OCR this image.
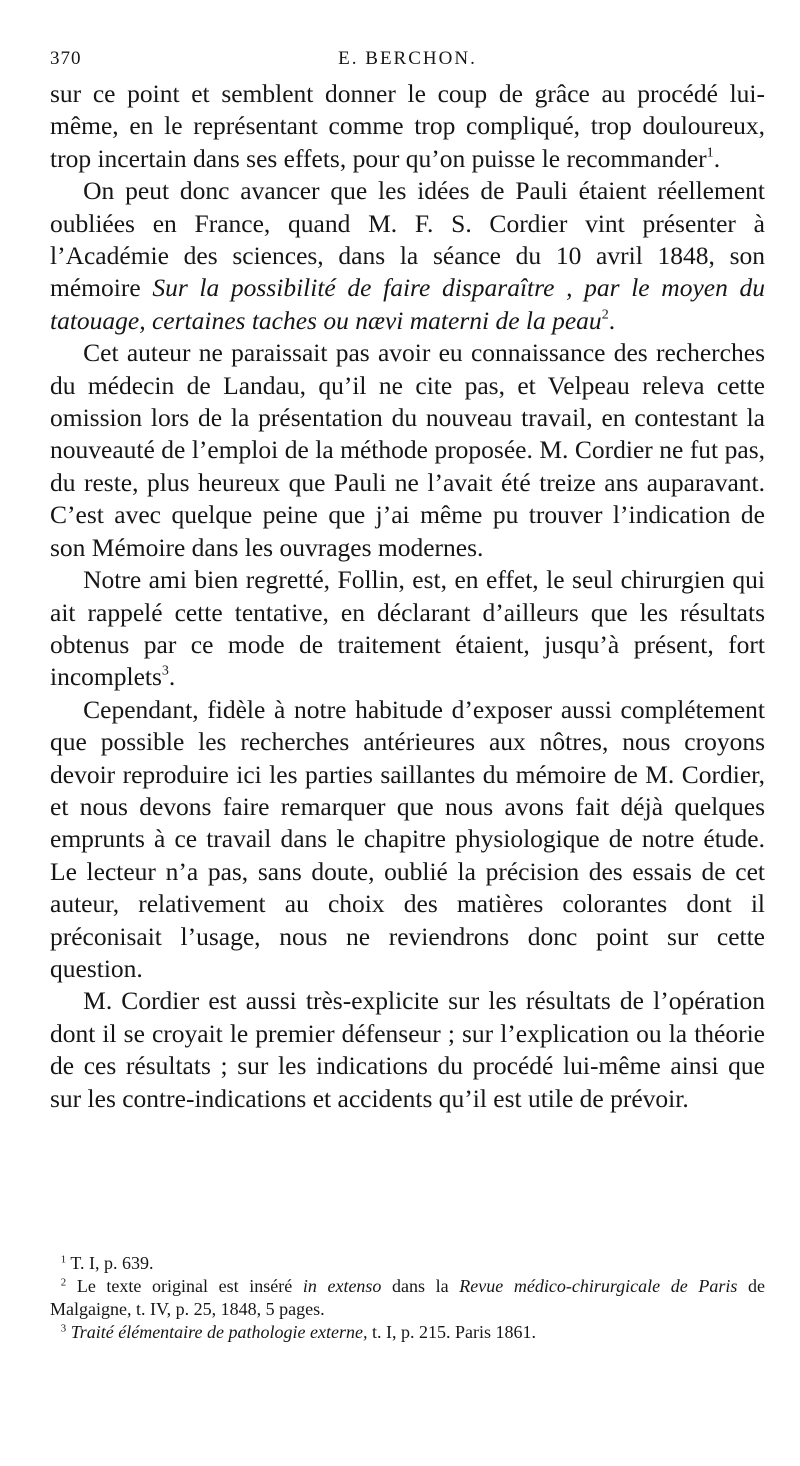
370	E. BERCHON.

sur ce point et semblent donner le coup de grâce au procédé lui-même, en le représentant comme trop compliqué, trop douloureux, trop incertain dans ses effets, pour qu’on puisse le recommander$^1$.

On peut donc avancer que les idées de Pauli étaient réellement oubliées en France, quand M. F. S. Cordier vint présenter à l’Académie des sciences, dans la séance du 10 avril 1848, son mémoire Sur la possibilité de faire disparaître , par le moyen du tatouage, certaines taches ou nævi materni de la peau$^2$.

Cet auteur ne paraissait pas avoir eu connaissance des recherches du médecin de Landau, qu’il ne cite pas, et Velpeau releva cette omission lors de la présentation du nouveau travail, en contestant la nouveauté de l’emploi de la méthode proposée. M. Cordier ne fut pas, du reste, plus heureux que Pauli ne l’avait été treize ans auparavant. C’est avec quelque peine que j’ai même pu trouver l’indication de son Mémoire dans les ouvrages modernes.

Notre ami bien regretté, Follin, est, en effet, le seul chirurgien qui ait rappelé cette tentative, en déclarant d’ailleurs que les résultats obtenus par ce mode de traitement étaient, jusqu’à présent, fort incomplets$^3$.

Cependant, fidèle à notre habitude d’exposer aussi complétement que possible les recherches antérieures aux nôtres, nous croyons devoir reproduire ici les parties saillantes du mémoire de M. Cordier, et nous devons faire remarquer que nous avons fait déjà quelques emprunts à ce travail dans le chapitre physiologique de notre étude. Le lecteur n’a pas, sans doute, oublié la précision des essais de cet auteur, relativement au choix des matières colorantes dont il préconisait l’usage, nous ne reviendrons donc point sur cette question.

M. Cordier est aussi très-explicite sur les résultats de l’opération dont il se croyait le premier défenseur ; sur l’explication ou la théorie de ces résultats ; sur les indications du procédé lui-même ainsi que sur les contre-indications et accidents qu’il est utile de prévoir.

$^1$ T. I, p. 639.
$^2$ Le texte original est inséré in extenso dans la Revue médico-chirurgicale de Paris de Malgaigne, t. IV, p. 25, 1848, 5 pages.
$^3$ Traité élémentaire de pathologie externe, t. I, p. 215. Paris 1861.
